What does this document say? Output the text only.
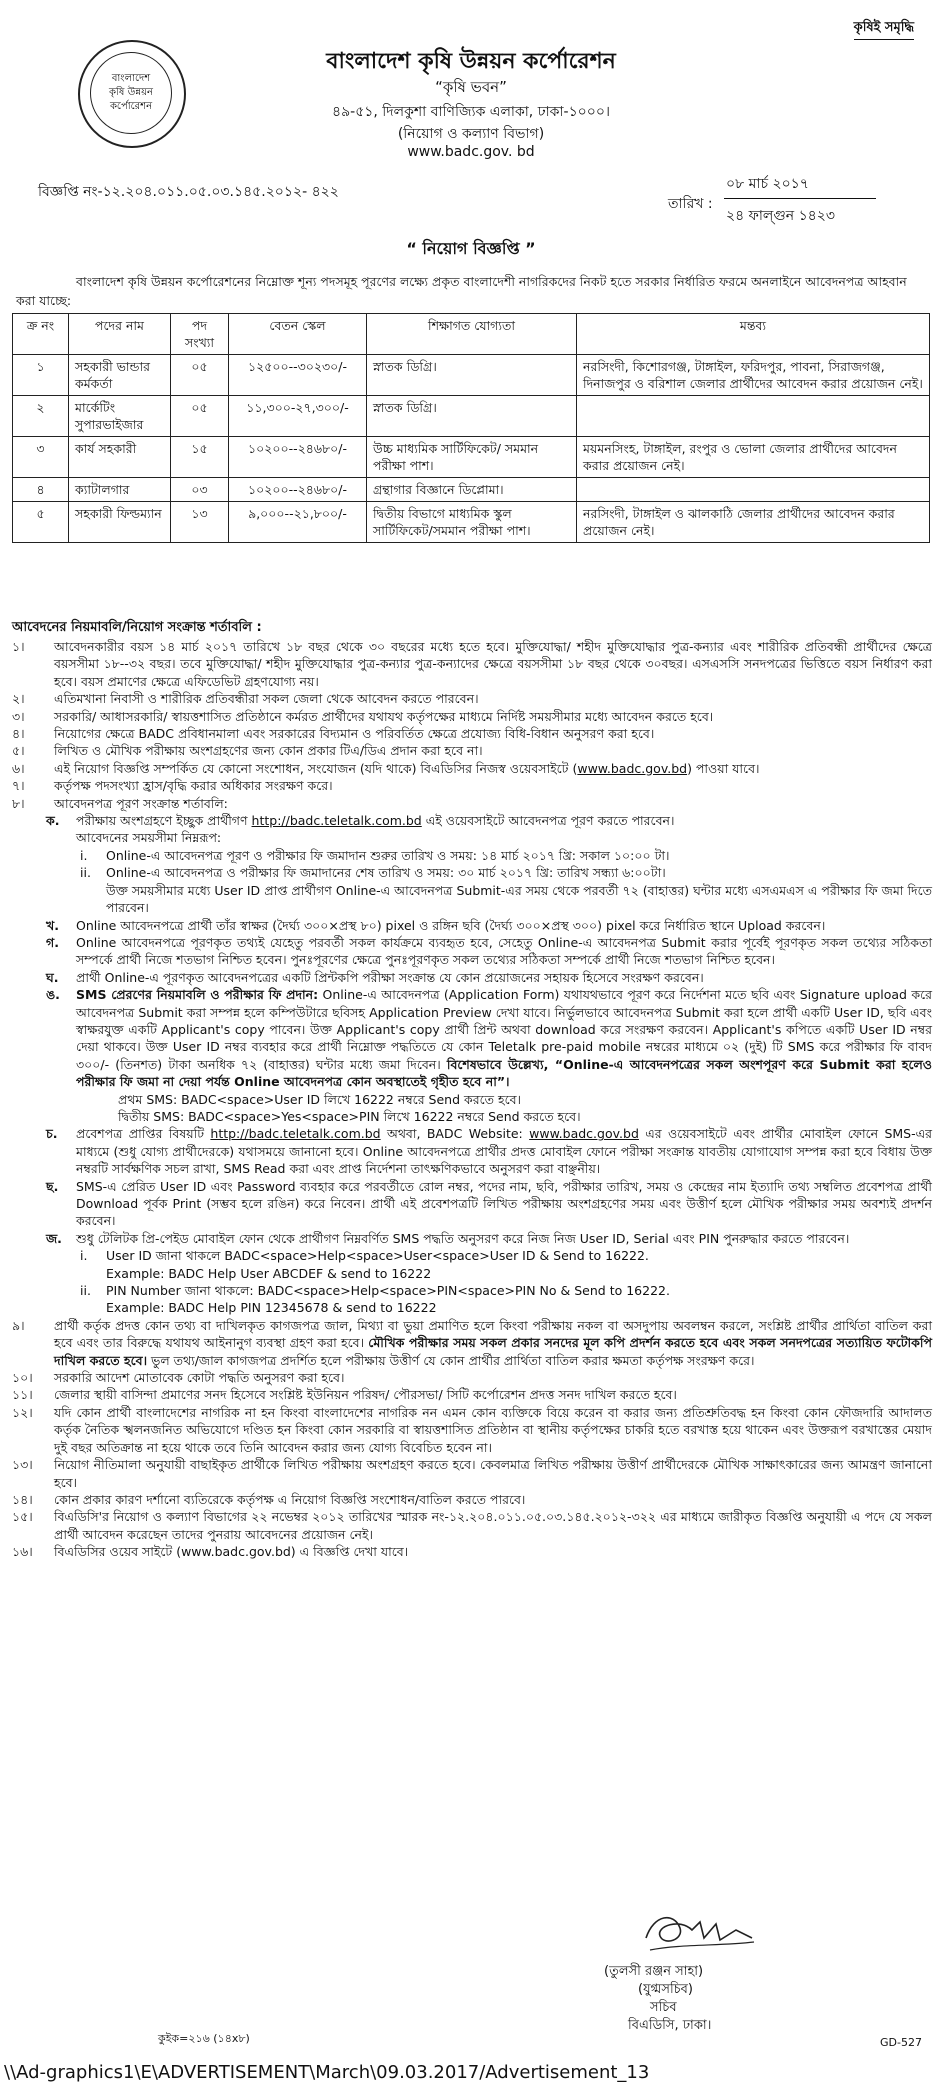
কৃষিই সমৃদ্ধি
বাংলাদেশ
কৃষি উন্নয়ন
কর্পোরেশন
বাংলাদেশ কৃষি উন্নয়ন কর্পোরেশন
“কৃষি ভবন”
৪৯-৫১, দিলকুশা বাণিজ্যিক এলাকা, ঢাকা-১০০০।
(নিয়োগ ও কল্যাণ বিভাগ)
www.badc.gov. bd
বিজ্ঞপ্তি নং-১২.২০৪.০১১.০৫.০৩.১৪৫.২০১২- ৪২২
তারিখ :
০৮ মার্চ ২০১৭
২৪ ফাল্গুন ১৪২৩
“ নিয়োগ বিজ্ঞপ্তি ”
বাংলাদেশ কৃষি উন্নয়ন কর্পোরেশনের নিম্নোক্ত শূন্য পদসমূহ পূরণের লক্ষ্যে প্রকৃত বাংলাদেশী নাগরিকদের নিকট হতে সরকার নির্ধারিত ফরমে অনলাইনে আবেদনপত্র আহবান করা যাচ্ছে:
ক্র নং	পদের নাম	পদ সংখ্যা	বেতন স্কেল	শিক্ষাগত যোগ্যতা	মন্তব্য
১	সহকারী ভান্ডার কর্মকর্তা	০৫	১২৫০০--৩০২৩০/-	স্নাতক ডিগ্রি।	নরসিংদী, কিশোরগঞ্জ, টাঙ্গাইল, ফরিদপুর, পাবনা, সিরাজগঞ্জ, দিনাজপুর ও বরিশাল জেলার প্রার্থীদের আবেদন করার প্রয়োজন নেই।
২	মার্কেটিং সুপারভাইজার	০৫	১১,৩০০-২৭,৩০০/-	স্নাতক ডিগ্রি।	
৩	কার্য সহকারী	১৫	১০২০০--২৪৬৮০/-	উচ্চ মাধ্যমিক সার্টিফিকেট/ সমমান পরীক্ষা পাশ।	ময়মনসিংহ, টাঙ্গাইল, রংপুর ও ভোলা জেলার প্রার্থীদের আবেদন করার প্রয়োজন নেই।
৪	ক্যাটালগার	০৩	১০২০০--২৪৬৮০/-	গ্রন্থাগার বিজ্ঞানে ডিপ্লোমা।	
৫	সহকারী ফিল্ডম্যান	১৩	৯,০০০--২১,৮০০/-	দ্বিতীয় বিভাগে মাধ্যমিক স্কুল সার্টিফিকেট/সমমান পরীক্ষা পাশ।	নরসিংদী, টাঙ্গাইল ও ঝালকাঠি জেলার প্রার্থীদের আবেদন করার প্রয়োজন নেই।
আবেদনের নিয়মাবলি/নিয়োগ সংক্রান্ত শর্তাবলি :
১।	আবেদনকারীর বয়স ১৪ মার্চ ২০১৭ তারিখে ১৮ বছর থেকে ৩০ বছরের মধ্যে হতে হবে। মুক্তিযোদ্ধা/ শহীদ মুক্তিযোদ্ধার পুত্র-কন্যার এবং শারীরিক প্রতিবন্ধী প্রার্থীদের ক্ষেত্রে বয়সসীমা ১৮--৩২ বছর। তবে মুক্তিযোদ্ধা/ শহীদ মুক্তিযোদ্ধার পুত্র-কন্যার পুত্র-কন্যাদের ক্ষেত্রে বয়সসীমা ১৮ বছর থেকে ৩০বছর। এসএসসি সনদপত্রের ভিত্তিতে বয়স নির্ধারণ করা হবে। বয়স প্রমাণের ক্ষেত্রে এফিডেভিট গ্রহণযোগ্য নয়।
২।	এতিমখানা নিবাসী ও শারীরিক প্রতিবন্ধীরা সকল জেলা থেকে আবেদন করতে পারবেন।
৩।	সরকারি/ আধাসরকারি/ স্বায়ত্তশাসিত প্রতিষ্ঠানে কর্মরত প্রার্থীদের যথাযথ কর্তৃপক্ষের মাধ্যমে নির্দিষ্ট সময়সীমার মধ্যে আবেদন করতে হবে।
৪।	নিয়োগের ক্ষেত্রে BADC প্রবিধানমালা এবং সরকারের বিদ্যমান ও পরিবর্তিত ক্ষেত্রে প্রযোজ্য বিধি-বিধান অনুসরণ করা হবে।
৫।	লিখিত ও মৌখিক পরীক্ষায় অংশগ্রহণের জন্য কোন প্রকার টিএ/ডিএ প্রদান করা হবে না।
৬।	এই নিয়োগ বিজ্ঞপ্তি সম্পর্কিত যে কোনো সংশোধন, সংযোজন (যদি থাকে) বিএডিসির নিজস্ব ওয়েবসাইটে (www.badc.gov.bd) পাওয়া যাবে।
৭।	কর্তৃপক্ষ পদসংখ্যা হ্রাস/বৃদ্ধি করার অধিকার সংরক্ষণ করে।
৮।	আবেদনপত্র পূরণ সংক্রান্ত শর্তাবলি:
ক.	পরীক্ষায় অংশগ্রহণে ইচ্ছুক প্রার্থীগণ http://badc.teletalk.com.bd এই ওয়েবসাইটে আবেদনপত্র পূরণ করতে পারবেন।
আবেদনের সময়সীমা নিম্নরূপ:
i.	Online-এ আবেদনপত্র পূরণ ও পরীক্ষার ফি জমাদান শুরুর তারিখ ও সময়: ১৪ মার্চ ২০১৭ খ্রি: সকাল ১০:০০ টা।
ii.	Online-এ আবেদনপত্র ও পরীক্ষার ফি জমাদানের শেষ তারিখ ও সময়: ৩০ মার্চ ২০১৭ খ্রি: তারিখ সন্ধ্যা ৬:০০টা।
উক্ত সময়সীমার মধ্যে User ID প্রাপ্ত প্রার্থীগণ Online-এ আবেদনপত্র Submit-এর সময় থেকে পরবর্তী ৭২ (বাহাত্তর) ঘন্টার মধ্যে এসএমএস এ পরীক্ষার ফি জমা দিতে পারবেন।
খ.	Online আবেদনপত্রে প্রার্থী তাঁর স্বাক্ষর (দৈর্ঘ্য ৩০০×প্রস্থ ৮০) pixel ও রঙ্গিন ছবি (দৈর্ঘ্য ৩০০×প্রস্থ ৩০০) pixel করে নির্ধারিত স্থানে Upload করবেন।
গ.	Online আবেদনপত্রে পূরণকৃত তথ্যই যেহেতু পরবর্তী সকল কার্যক্রমে ব্যবহৃত হবে, সেহেতু Online-এ আবেদনপত্র Submit করার পূর্বেই পূরণকৃত সকল তথ্যের সঠিকতা সম্পর্কে প্রার্থী নিজে শতভাগ নিশ্চিত হবেন। পুনঃপূরণের ক্ষেত্রে পুনঃপূরণকৃত সকল তথ্যের সঠিকতা সম্পর্কে প্রার্থী নিজে শতভাগ নিশ্চিত হবেন।
ঘ.	প্রার্থী Online-এ পূরণকৃত আবেদনপত্রের একটি প্রিন্টকপি পরীক্ষা সংক্রান্ত যে কোন প্রয়োজনের সহায়ক হিসেবে সংরক্ষণ করবেন।
ঙ.	SMS প্রেরণের নিয়মাবলি ও পরীক্ষার ফি প্রদান: Online-এ আবেদনপত্র (Application Form) যথাযথভাবে পূরণ করে নির্দেশনা মতে ছবি এবং Signature upload করে আবেদনপত্র Submit করা সম্পন্ন হলে কম্পিউটারে ছবিসহ Application Preview দেখা যাবে। নির্ভুলভাবে আবেদনপত্র Submit করা হলে প্রার্থী একটি User ID, ছবি এবং স্বাক্ষরযুক্ত একটি Applicant's copy পাবেন। উক্ত Applicant's copy প্রার্থী প্রিন্ট অথবা download করে সংরক্ষণ করবেন। Applicant's কপিতে একটি User ID নম্বর দেয়া থাকবে। উক্ত User ID নম্বর ব্যবহার করে প্রার্থী নিম্নোক্ত পদ্ধতিতে যে কোন Teletalk pre-paid mobile নম্বরের মাধ্যমে ০২ (দুই) টি SMS করে পরীক্ষার ফি বাবদ ৩০০/- (তিনশত) টাকা অনধিক ৭২ (বাহাত্তর) ঘন্টার মধ্যে জমা দিবেন। বিশেষভাবে উল্লেখ্য, “Online-এ আবেদনপত্রের সকল অংশপূরণ করে Submit করা হলেও পরীক্ষার ফি জমা না দেয়া পর্যন্ত Online আবেদনপত্র কোন অবস্থাতেই গৃহীত হবে না”।
প্রথম SMS: BADC<space>User ID লিখে 16222 নম্বরে Send করতে হবে।
দ্বিতীয় SMS: BADC<space>Yes<space>PIN লিখে 16222 নম্বরে Send করতে হবে।
চ.	প্রবেশপত্র প্রাপ্তির বিষয়টি http://badc.teletalk.com.bd অথবা, BADC Website: www.badc.gov.bd এর ওয়েবসাইটে এবং প্রার্থীর মোবাইল ফোনে SMS-এর মাধ্যমে (শুধু যোগ্য প্রার্থীদেরকে) যথাসময়ে জানানো হবে। Online আবেদনপত্রে প্রার্থীর প্রদত্ত মোবাইল ফোনে পরীক্ষা সংক্রান্ত যাবতীয় যোগাযোগ সম্পন্ন করা হবে বিধায় উক্ত নম্বরটি সার্বক্ষণিক সচল রাখা, SMS Read করা এবং প্রাপ্ত নির্দেশনা তাৎক্ষণিকভাবে অনুসরণ করা বাঞ্ছনীয়।
ছ.	SMS-এ প্রেরিত User ID এবং Password ব্যবহার করে পরবর্তীতে রোল নম্বর, পদের নাম, ছবি, পরীক্ষার তারিখ, সময় ও কেন্দ্রের নাম ইত্যাদি তথ্য সম্বলিত প্রবেশপত্র প্রার্থী Download পূর্বক Print (সম্ভব হলে রঙিন) করে নিবেন। প্রার্থী এই প্রবেশপত্রটি লিখিত পরীক্ষায় অংশগ্রহণের সময় এবং উত্তীর্ণ হলে মৌখিক পরীক্ষার সময় অবশ্যই প্রদর্শন করবেন।
জ.	শুধু টেলিটক প্রি-পেইড মোবাইল ফোন থেকে প্রার্থীগণ নিম্নবর্ণিত SMS পদ্ধতি অনুসরণ করে নিজ নিজ User ID, Serial এবং PIN পুনরুদ্ধার করতে পারবেন।
i.	User ID জানা থাকলে BADC<space>Help<space>User<space>User ID & Send to 16222.
Example: BADC Help User ABCDEF & send to 16222
ii.	PIN Number জানা থাকলে: BADC<space>Help<space>PIN<space>PIN No & Send to 16222.
Example: BADC Help PIN 12345678 & send to 16222
৯।	প্রার্থী কর্তৃক প্রদত্ত কোন তথ্য বা দাখিলকৃত কাগজপত্র জাল, মিথ্যা বা ভুয়া প্রমাণিত হলে কিংবা পরীক্ষায় নকল বা অসদুপায় অবলম্বন করলে, সংশ্লিষ্ট প্রার্থীর প্রার্থিতা বাতিল করা হবে এবং তার বিরুদ্ধে যথাযথ আইনানুগ ব্যবস্থা গ্রহণ করা হবে। মৌখিক পরীক্ষার সময় সকল প্রকার সনদের মূল কপি প্রদর্শন করতে হবে এবং সকল সনদপত্রের সত্যায়িত ফটোকপি দাখিল করতে হবে। ভুল তথ্য/জাল কাগজপত্র প্রদর্শিত হলে পরীক্ষায় উত্তীর্ণ যে কোন প্রার্থীর প্রার্থিতা বাতিল করার ক্ষমতা কর্তৃপক্ষ সংরক্ষণ করে।
১০।	সরকারি আদেশ মোতাবেক কোটা পদ্ধতি অনুসরণ করা হবে।
১১।	জেলার স্থায়ী বাসিন্দা প্রমাণের সনদ হিসেবে সংশ্লিষ্ট ইউনিয়ন পরিষদ/ পৌরসভা/ সিটি কর্পোরেশন প্রদত্ত সনদ দাখিল করতে হবে।
১২।	যদি কোন প্রার্থী বাংলাদেশের নাগরিক না হন কিংবা বাংলাদেশের নাগরিক নন এমন কোন ব্যক্তিকে বিয়ে করেন বা করার জন্য প্রতিশ্রুতিবদ্ধ হন কিংবা কোন ফৌজদারি আদালত কর্তৃক নৈতিক স্খলনজনিত অভিযোগে দণ্ডিত হন কিংবা কোন সরকারি বা স্বায়ত্তশাসিত প্রতিষ্ঠান বা স্থানীয় কর্তৃপক্ষের চাকরি হতে বরখাস্ত হয়ে থাকেন এবং উক্তরূপ বরখাস্তের মেয়াদ দুই বছর অতিক্রান্ত না হয়ে থাকে তবে তিনি আবেদন করার জন্য যোগ্য বিবেচিত হবেন না।
১৩।	নিয়োগ নীতিমালা অনুযায়ী বাছাইকৃত প্রার্থীকে লিখিত পরীক্ষায় অংশগ্রহণ করতে হবে। কেবলমাত্র লিখিত পরীক্ষায় উত্তীর্ণ প্রার্থীদেরকে মৌখিক সাক্ষাৎকারের জন্য আমন্ত্রণ জানানো হবে।
১৪।	কোন প্রকার কারণ দর্শানো ব্যতিরেকে কর্তৃপক্ষ এ নিয়োগ বিজ্ঞপ্তি সংশোধন/বাতিল করতে পারবে।
১৫।	বিএডিসি'র নিয়োগ ও কল্যাণ বিভাগের ২২ নভেম্বর ২০১২ তারিখের স্মারক নং-১২.২০৪.০১১.০৫.০৩.১৪৫.২০১২-৩২২ এর মাধ্যমে জারীকৃত বিজ্ঞপ্তি অনুযায়ী এ পদে যে সকল প্রার্থী আবেদন করেছেন তাদের পুনরায় আবেদনের প্রয়োজন নেই।
১৬।	বিএডিসির ওয়েব সাইটে (www.badc.gov.bd) এ বিজ্ঞপ্তি দেখা যাবে।
(তুলসী রঞ্জন সাহা)
(যুগ্মসচিব)
সচিব
বিএডিসি, ঢাকা।
কুইক=২১৬ (১৪x৮)	GD-527
\\Ad-graphics1\E\ADVERTISEMENT\March\09.03.2017/Advertisement_13
